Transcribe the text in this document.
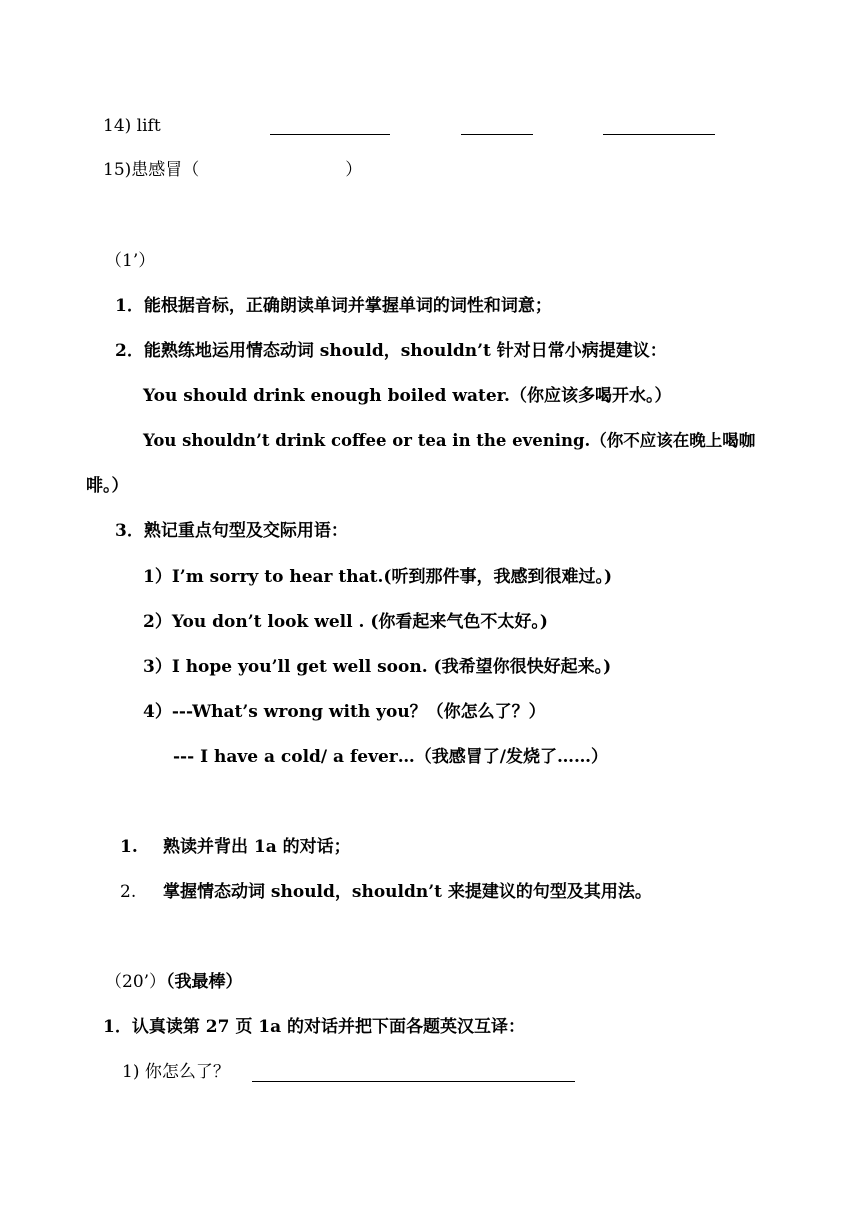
14) lift
15)患感冒（	）
（1’）
1．能根据音标，正确朗读单词并掌握单词的词性和词意；
2．能熟练地运用情态动词 should，shouldn’t 针对日常小病提建议：
You should drink enough boiled water.（你应该多喝开水。）
You shouldn’t drink coffee or tea in the evening.（你不应该在晚上喝咖
啡。）
3．熟记重点句型及交际用语：
1）I’m sorry to hear that.(听到那件事，我感到很难过。)
2）You don’t look well . (你看起来气色不太好。)
3）I hope you’ll get well soon. (我希望你很快好起来。)
4）---What’s wrong with you？（你怎么了？）
--- I have a cold/ a fever…（我感冒了/发烧了……）
1. 熟读并背出 1a 的对话；
2. 掌握情态动词 should，shouldn’t 来提建议的句型及其用法。
（20’）（我最棒）
1．认真读第 27 页 1a 的对话并把下面各题英汉互译：
1) 你怎么了？
